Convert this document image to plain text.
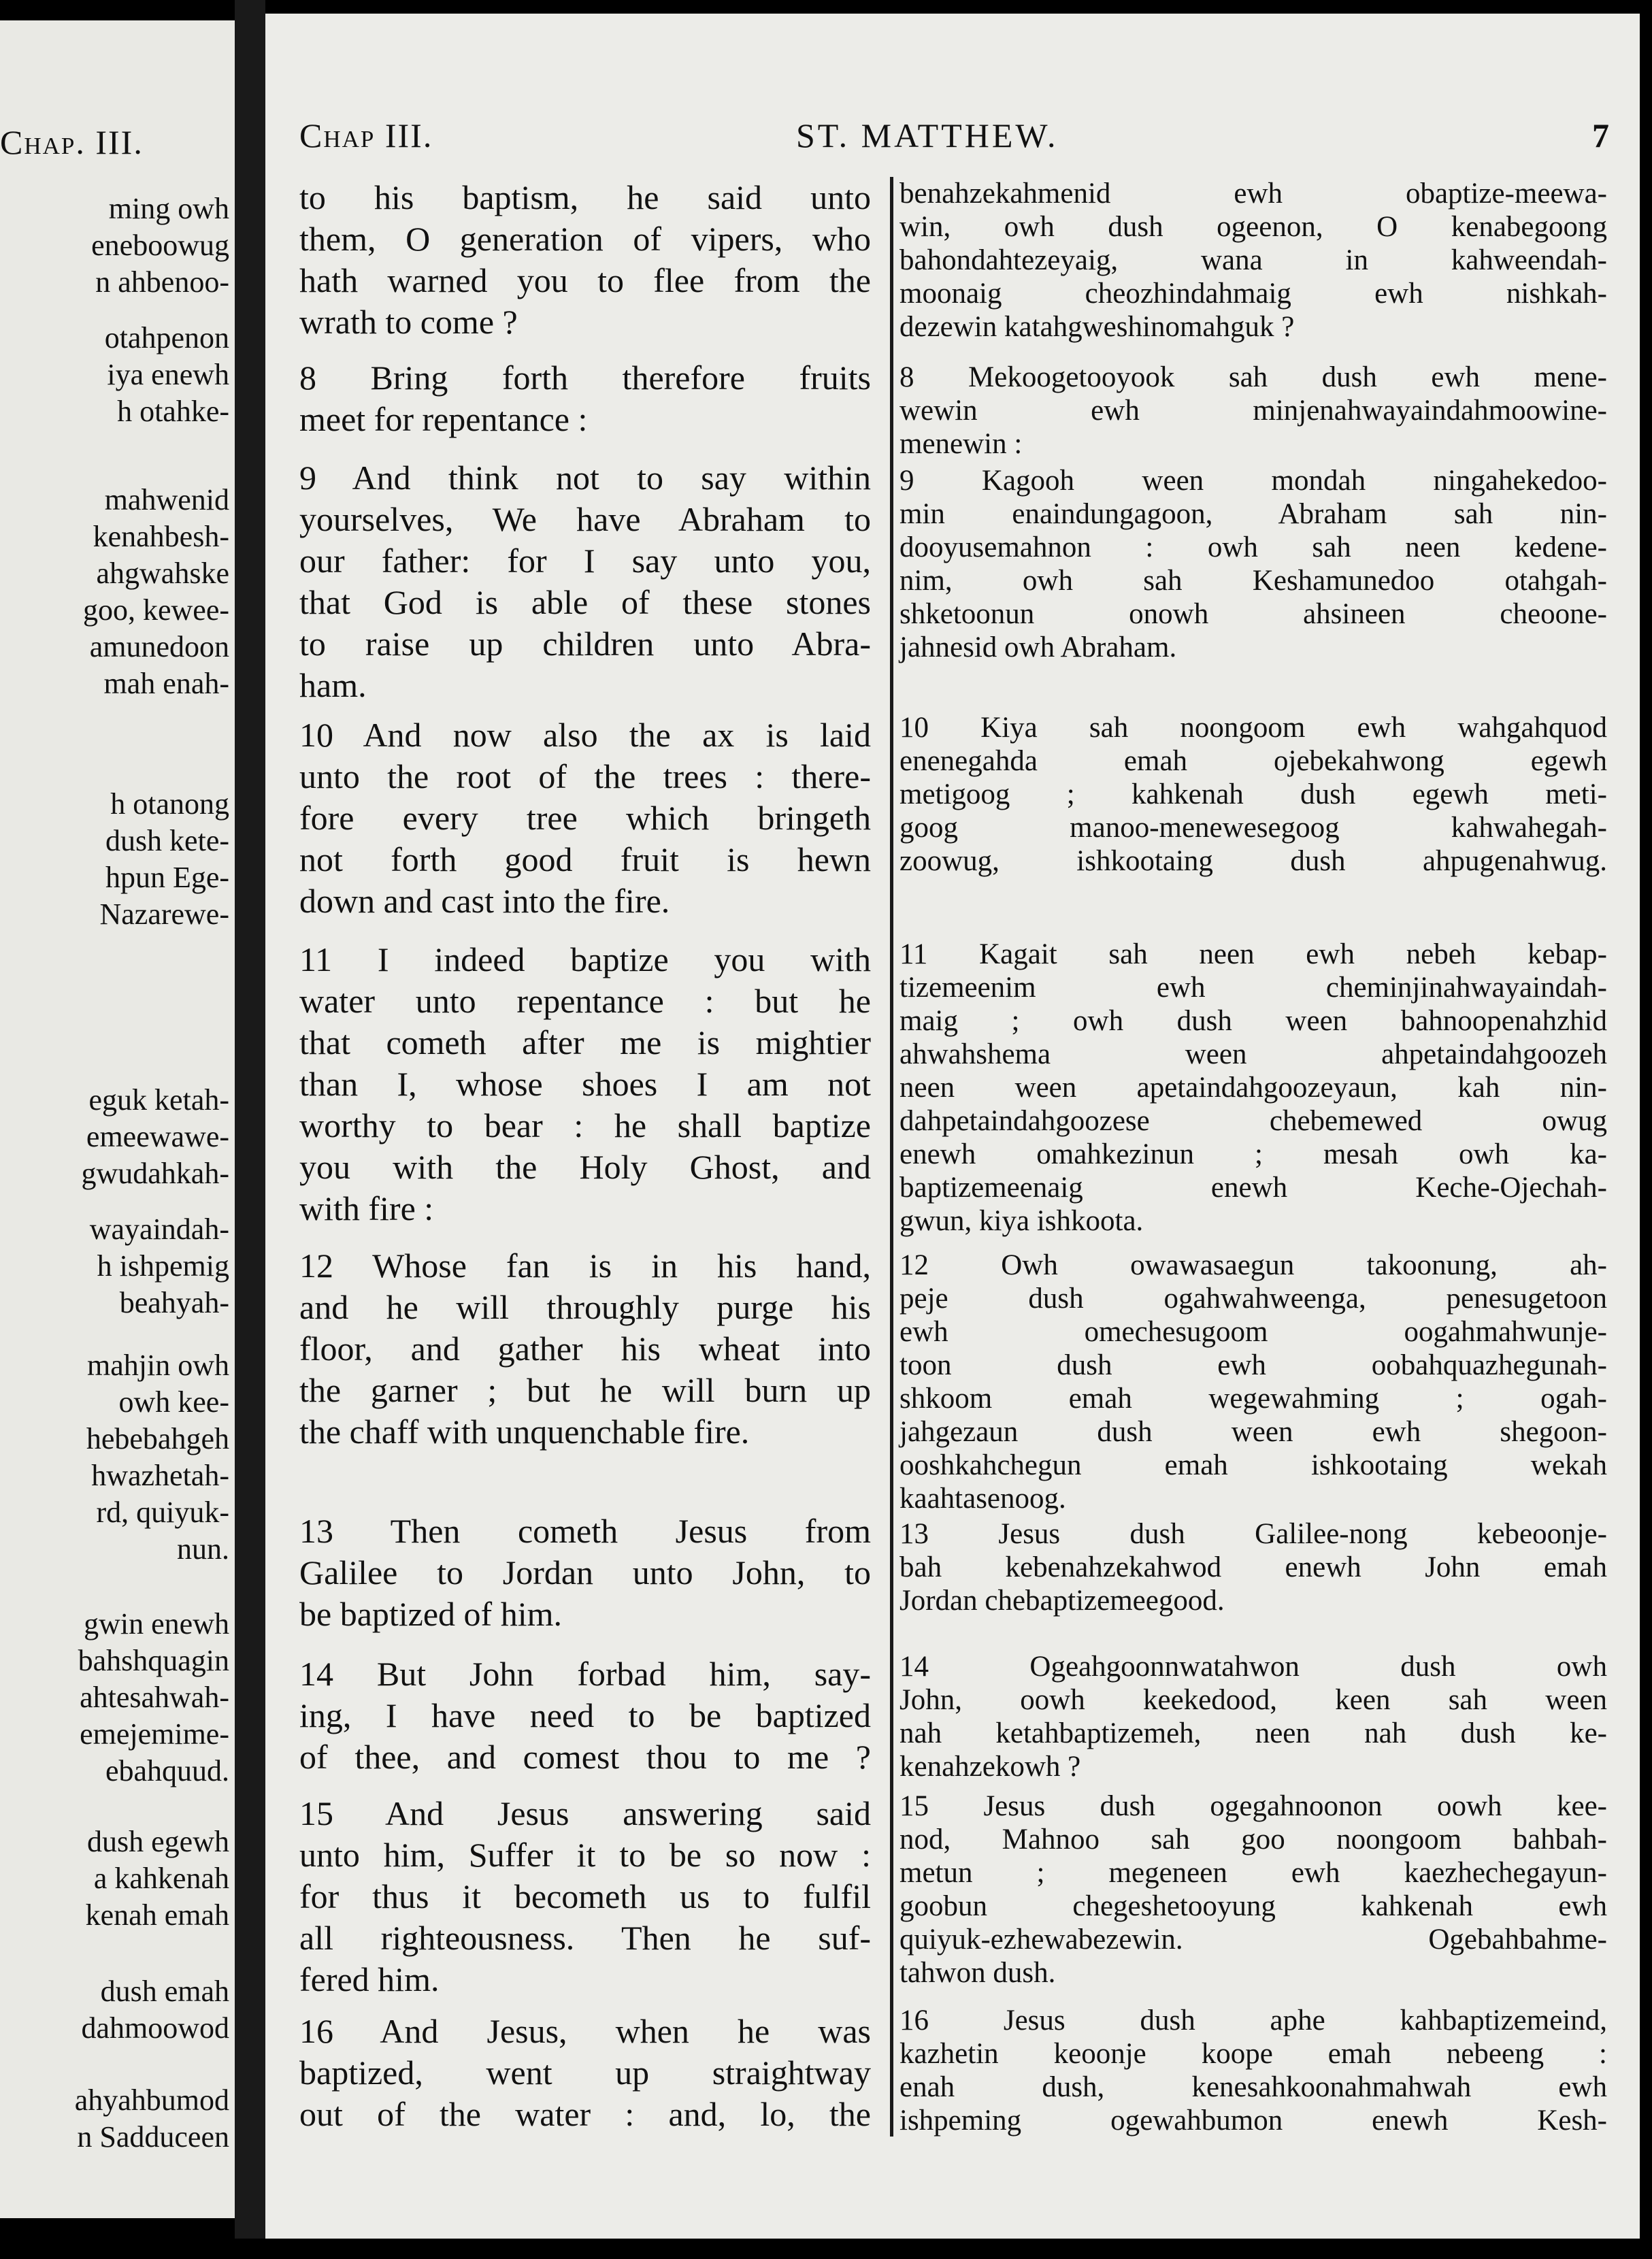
Chap. III.
ming owh
eneboowug
n ahbenoo-
otahpenon
iya enewh
h otahke-
mahwenid
kenahbesh-
ahgwahske
goo, kewee-
amunedoon
mah enah-
h otanong
dush kete-
hpun Ege-
Nazarewe-
eguk ketah-
emeewawe-
gwudahkah-
wayaindah-
h ishpemig
beahyah-
mahjin owh
owh kee-
hebebahgeh
hwazhetah-
rd, quiyuk-
nun.
gwin enewh
bahshquagin
ahtesahwah-
emejemime-
ebahquud.
dush egewh
a kahkenah
kenah emah
dush emah
dahmoowod
ahyahbumod
n Sadduceen
Chap III.	ST. MATTHEW.	7
to his baptism, he said unto
them, O generation of vipers, who
hath warned you to flee from the
wrath to come ?
8 Bring forth therefore fruits
meet for repentance :
9 And think not to say within
yourselves, We have Abraham to
our father: for I say unto you,
that God is able of these stones
to raise up children unto Abra-
ham.
10 And now also the ax is laid
unto the root of the trees : there-
fore every tree which bringeth
not forth good fruit is hewn
down and cast into the fire.
11 I indeed baptize you with
water unto repentance : but he
that cometh after me is mightier
than I, whose shoes I am not
worthy to bear : he shall baptize
you with the Holy Ghost, and
with fire :
12 Whose fan is in his hand,
and he will throughly purge his
floor, and gather his wheat into
the garner ; but he will burn up
the chaff with unquenchable fire.
13 Then cometh Jesus from
Galilee to Jordan unto John, to
be baptized of him.
14 But John forbad him, say-
ing, I have need to be baptized
of thee, and comest thou to me ?
15 And Jesus answering said
unto him, Suffer it to be so now :
for thus it becometh us to fulfil
all righteousness. Then he suf-
fered him.
16 And Jesus, when he was
baptized, went up straightway
out of the water : and, lo, the
benahzekahmenid ewh obaptize-meewa-
win, owh dush ogeenon, O kenabegoong
bahondahtezeyaig, wana in kahweendah-
moonaig cheozhindahmaig ewh nishkah-
dezewin katahgweshinomahguk ?
8 Mekoogetooyook sah dush ewh mene-
wewin ewh minjenahwayaindahmoowine-
menewin :
9 Kagooh ween mondah ningahekedoo-
min enaindungagoon, Abraham sah nin-
dooyusemahnon : owh sah neen kedene-
nim, owh sah Keshamunedoo otahgah-
shketoonun onowh ahsineen cheoone-
jahnesid owh Abraham.
10 Kiya sah noongoom ewh wahgahquod
enenegahda emah ojebekahwong egewh
metigoog ; kahkenah dush egewh meti-
goog manoo-menewesegoog kahwahegah-
zoowug, ishkootaing dush ahpugenahwug.
11 Kagait sah neen ewh nebeh kebap-
tizemeenim ewh cheminjinahwayaindah-
maig ; owh dush ween bahnoopenahzhid
ahwahshema ween ahpetaindahgoozeh
neen ween apetaindahgoozeyaun, kah nin-
dahpetaindahgoozese chebemewed owug
enewh omahkezinun ; mesah owh ka-
baptizemeenaig enewh Keche-Ojechah-
gwun, kiya ishkoota.
12 Owh owawasaegun takoonung, ah-
peje dush ogahwahweenga, penesugetoon
ewh omechesugoom oogahmahwunje-
toon dush ewh oobahquazhegunah-
shkoom emah wegewahming ; ogah-
jahgezaun dush ween ewh shegoon-
ooshkahchegun emah ishkootaing wekah
kaahtasenoog.
13 Jesus dush Galilee-nong kebeoonje-
bah kebenahzekahwod enewh John emah
Jordan chebaptizemeegood.
14 Ogeahgoonnwatahwon dush owh
John, oowh keekedood, keen sah ween
nah ketahbaptizemeh, neen nah dush ke-
kenahzekowh ?
15 Jesus dush ogegahnoonon oowh kee-
nod, Mahnoo sah goo noongoom bahbah-
metun ; megeneen ewh kaezhechegayun-
goobun chegeshetooyung kahkenah ewh
quiyuk-ezhewabezewin. Ogebahbahme-
tahwon dush.
16 Jesus dush aphe kahbaptizemeind,
kazhetin keoonje koope emah nebeeng :
enah dush, kenesahkoonahmahwah ewh
ishpeming ogewahbumon enewh Kesh-
